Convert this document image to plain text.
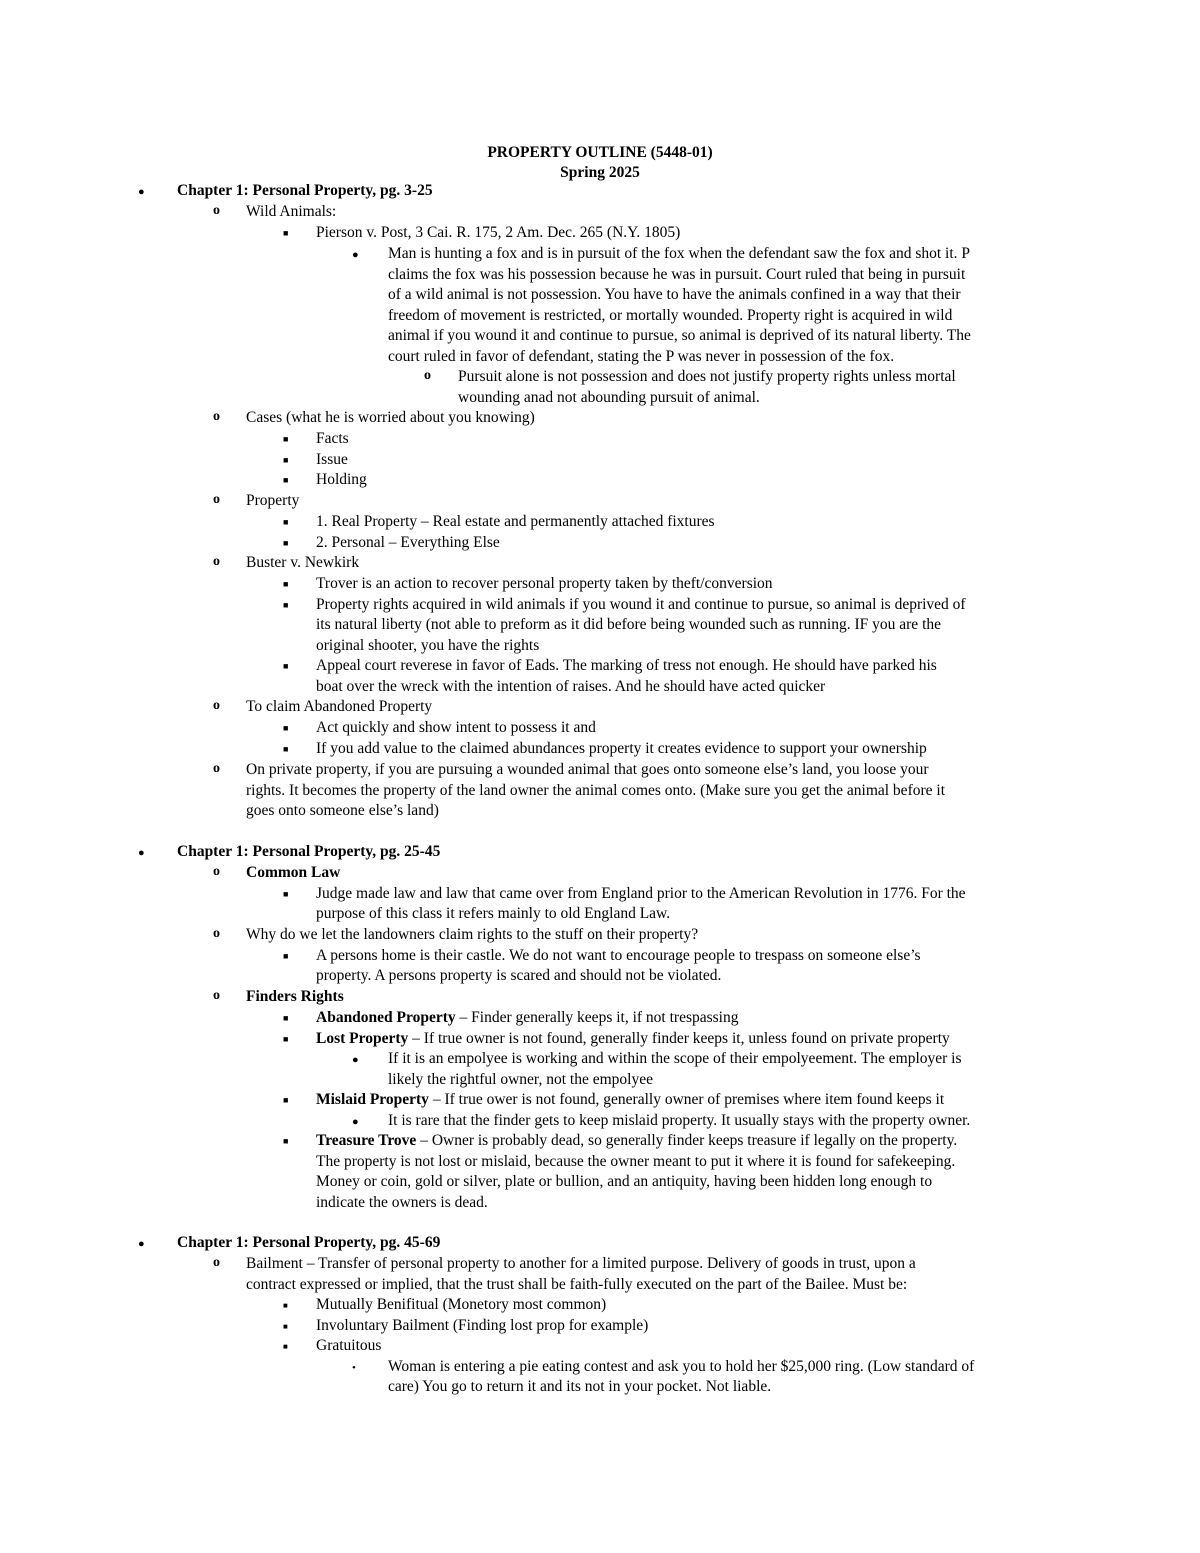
PROPERTY OUTLINE (5448-01)
Spring 2025
● Chapter 1: Personal Property, pg. 3-25
o Wild Animals:
■ Pierson v. Post, 3 Cai. R. 175, 2 Am. Dec. 265 (N.Y. 1805)
● Man is hunting a fox and is in pursuit of the fox when the defendant saw the fox and shot it. P
claims the fox was his possession because he was in pursuit. Court ruled that being in pursuit
of a wild animal is not possession. You have to have the animals confined in a way that their
freedom of movement is restricted, or mortally wounded. Property right is acquired in wild
animal if you wound it and continue to pursue, so animal is deprived of its natural liberty. The
court ruled in favor of defendant, stating the P was never in possession of the fox.
o Pursuit alone is not possession and does not justify property rights unless mortal
wounding anad not abounding pursuit of animal.
o Cases (what he is worried about you knowing)
■ Facts
■ Issue
■ Holding
o Property
■ 1. Real Property – Real estate and permanently attached fixtures
■ 2. Personal – Everything Else
o Buster v. Newkirk
■ Trover is an action to recover personal property taken by theft/conversion
■ Property rights acquired in wild animals if you wound it and continue to pursue, so animal is deprived of
its natural liberty (not able to preform as it did before being wounded such as running. IF you are the
original shooter, you have the rights
■ Appeal court reverese in favor of Eads. The marking of tress not enough. He should have parked his
boat over the wreck with the intention of raises. And he should have acted quicker
o To claim Abandoned Property
■ Act quickly and show intent to possess it and
■ If you add value to the claimed abundances property it creates evidence to support your ownership
o On private property, if you are pursuing a wounded animal that goes onto someone else’s land, you loose your
rights. It becomes the property of the land owner the animal comes onto. (Make sure you get the animal before it
goes onto someone else’s land)
● Chapter 1: Personal Property, pg. 25-45
o Common Law
■ Judge made law and law that came over from England prior to the American Revolution in 1776. For the
purpose of this class it refers mainly to old England Law.
o Why do we let the landowners claim rights to the stuff on their property?
■ A persons home is their castle. We do not want to encourage people to trespass on someone else’s
property. A persons property is scared and should not be violated.
o Finders Rights
■ Abandoned Property – Finder generally keeps it, if not trespassing
■ Lost Property – If true owner is not found, generally finder keeps it, unless found on private property
● If it is an empolyee is working and within the scope of their empolyeement. The employer is
likely the rightful owner, not the empolyee
■ Mislaid Property – If true ower is not found, generally owner of premises where item found keeps it
● It is rare that the finder gets to keep mislaid property. It usually stays with the property owner.
■ Treasure Trove – Owner is probably dead, so generally finder keeps treasure if legally on the property.
The property is not lost or mislaid, because the owner meant to put it where it is found for safekeeping.
Money or coin, gold or silver, plate or bullion, and an antiquity, having been hidden long enough to
indicate the owners is dead.
● Chapter 1: Personal Property, pg. 45-69
o Bailment – Transfer of personal property to another for a limited purpose. Delivery of goods in trust, upon a
contract expressed or implied, that the trust shall be faith-fully executed on the part of the Bailee. Must be:
■ Mutually Benifitual (Monetory most common)
■ Involuntary Bailment (Finding lost prop for example)
■ Gratuitous
• Woman is entering a pie eating contest and ask you to hold her $25,000 ring. (Low standard of
care) You go to return it and its not in your pocket. Not liable.
